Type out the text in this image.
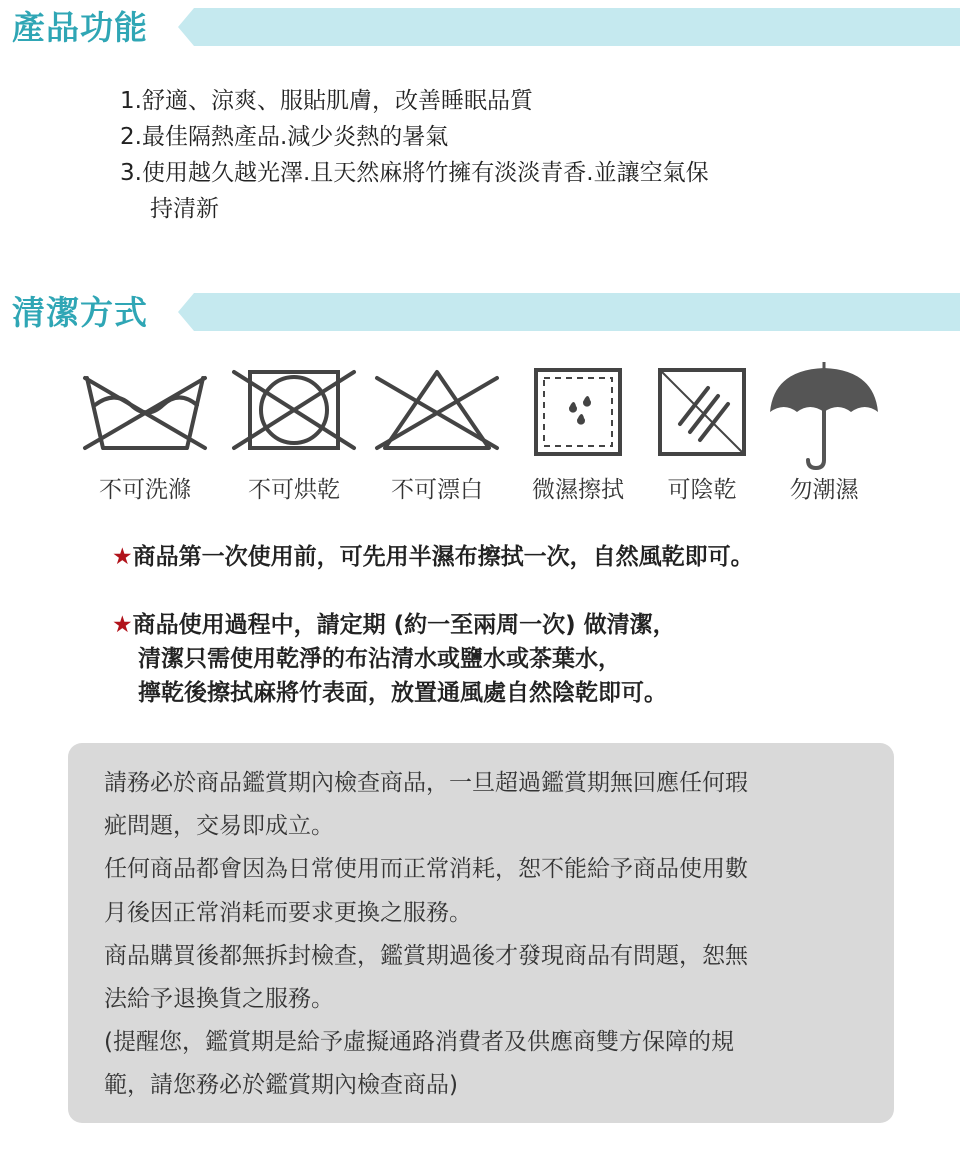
產品功能
1.舒適、涼爽、服貼肌膚，改善睡眠品質
2.最佳隔熱產品.減少炎熱的暑氣
3.使用越久越光澤.且天然麻將竹擁有淡淡青香.並讓空氣保
持清新
清潔方式
不可洗滌	不可烘乾	不可漂白	微濕擦拭	可陰乾	勿潮濕
★商品第一次使用前，可先用半濕布擦拭一次，自然風乾即可。
★商品使用過程中，請定期 (約一至兩周一次) 做清潔，
清潔只需使用乾淨的布沾清水或鹽水或茶葉水，
擰乾後擦拭麻將竹表面，放置通風處自然陰乾即可。
請務必於商品鑑賞期內檢查商品，一旦超過鑑賞期無回應任何瑕
疵問題，交易即成立。
任何商品都會因為日常使用而正常消耗，恕不能給予商品使用數
月後因正常消耗而要求更換之服務。
商品購買後都無拆封檢查，鑑賞期過後才發現商品有問題，恕無
法給予退換貨之服務。
(提醒您，鑑賞期是給予虛擬通路消費者及供應商雙方保障的規
範，請您務必於鑑賞期內檢查商品)
